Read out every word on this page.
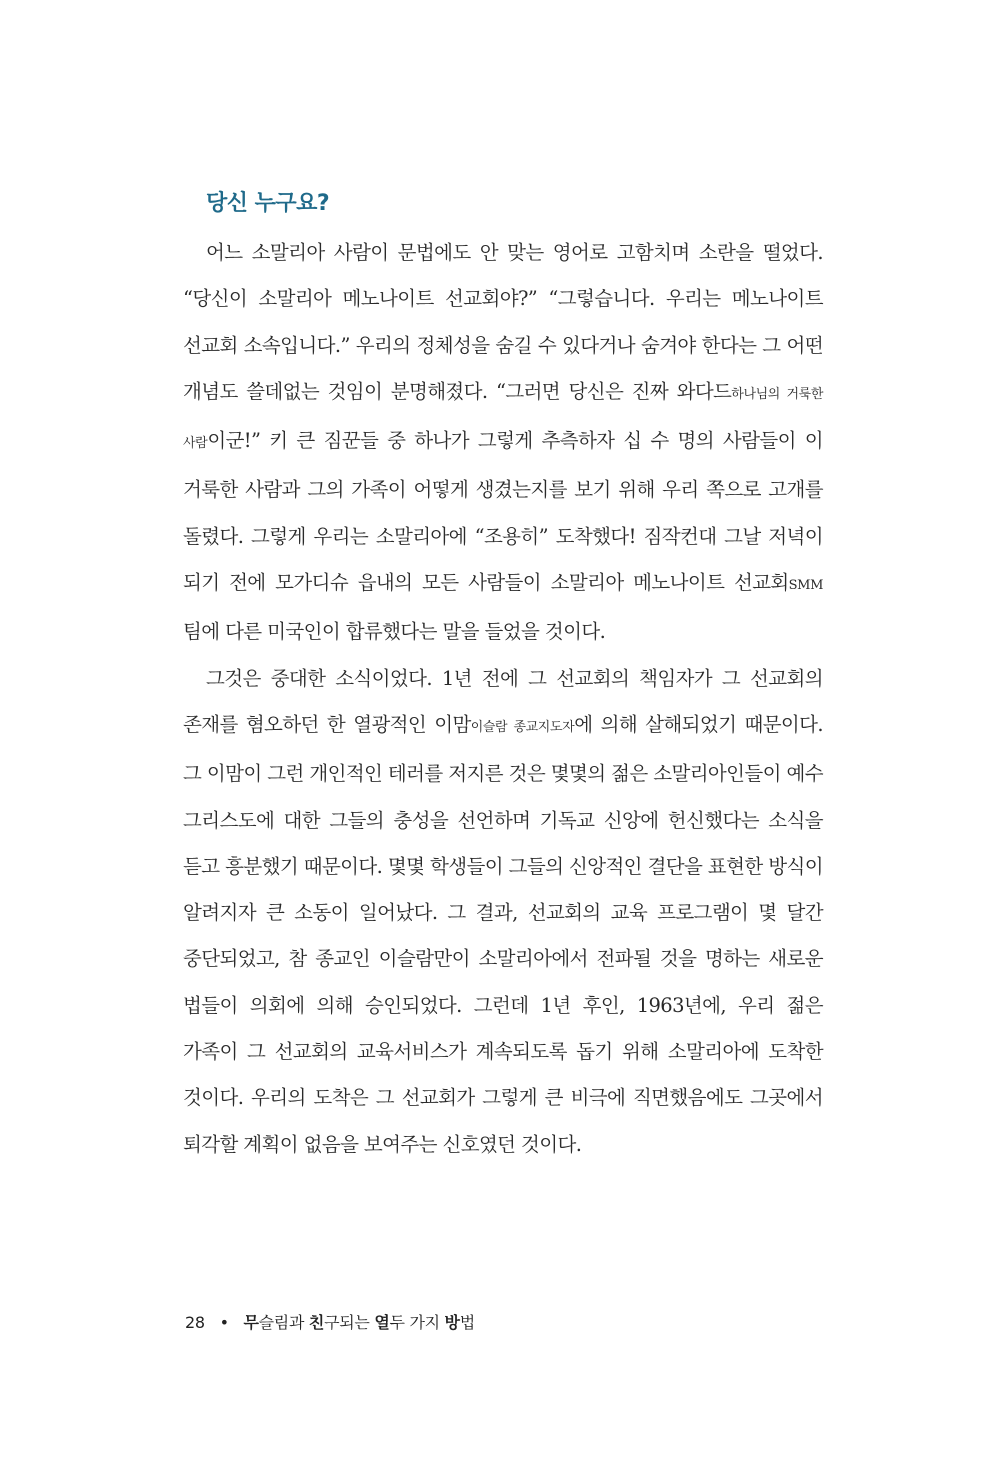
당신 누구요?

어느 소말리아 사람이 문법에도 안 맞는 영어로 고함치며 소란을 떨었다. “당신이 소말리아 메노나이트 선교회야?” “그렇습니다. 우리는 메노나이트 선교회 소속입니다.” 우리의 정체성을 숨길 수 있다거나 숨겨야 한다는 그 어떤 개념도 쓸데없는 것임이 분명해졌다. “그러면 당신은 진짜 와다드하나님의 거룩한 사람이군!” 키 큰 짐꾼들 중 하나가 그렇게 추측하자 십 수 명의 사람들이 이 거룩한 사람과 그의 가족이 어떻게 생겼는지를 보기 위해 우리 쪽으로 고개를 돌렸다. 그렇게 우리는 소말리아에 “조용히” 도착했다! 짐작컨대 그날 저녁이 되기 전에 모가디슈 읍내의 모든 사람들이 소말리아 메노나이트 선교회SMM 팀에 다른 미국인이 합류했다는 말을 들었을 것이다.

그것은 중대한 소식이었다. 1년 전에 그 선교회의 책임자가 그 선교회의 존재를 혐오하던 한 열광적인 이맘이슬람 종교지도자에 의해 살해되었기 때문이다. 그 이맘이 그런 개인적인 테러를 저지른 것은 몇몇의 젊은 소말리아인들이 예수 그리스도에 대한 그들의 충성을 선언하며 기독교 신앙에 헌신했다는 소식을 듣고 흥분했기 때문이다. 몇몇 학생들이 그들의 신앙적인 결단을 표현한 방식이 알려지자 큰 소동이 일어났다. 그 결과, 선교회의 교육 프로그램이 몇 달간 중단되었고, 참 종교인 이슬람만이 소말리아에서 전파될 것을 명하는 새로운 법들이 의회에 의해 승인되었다. 그런데 1년 후인, 1963년에, 우리 젊은 가족이 그 선교회의 교육서비스가 계속되도록 돕기 위해 소말리아에 도착한 것이다. 우리의 도착은 그 선교회가 그렇게 큰 비극에 직면했음에도 그곳에서 퇴각할 계획이 없음을 보여주는 신호였던 것이다.

28 • 무슬림과 친구되는 열두 가지 방법
